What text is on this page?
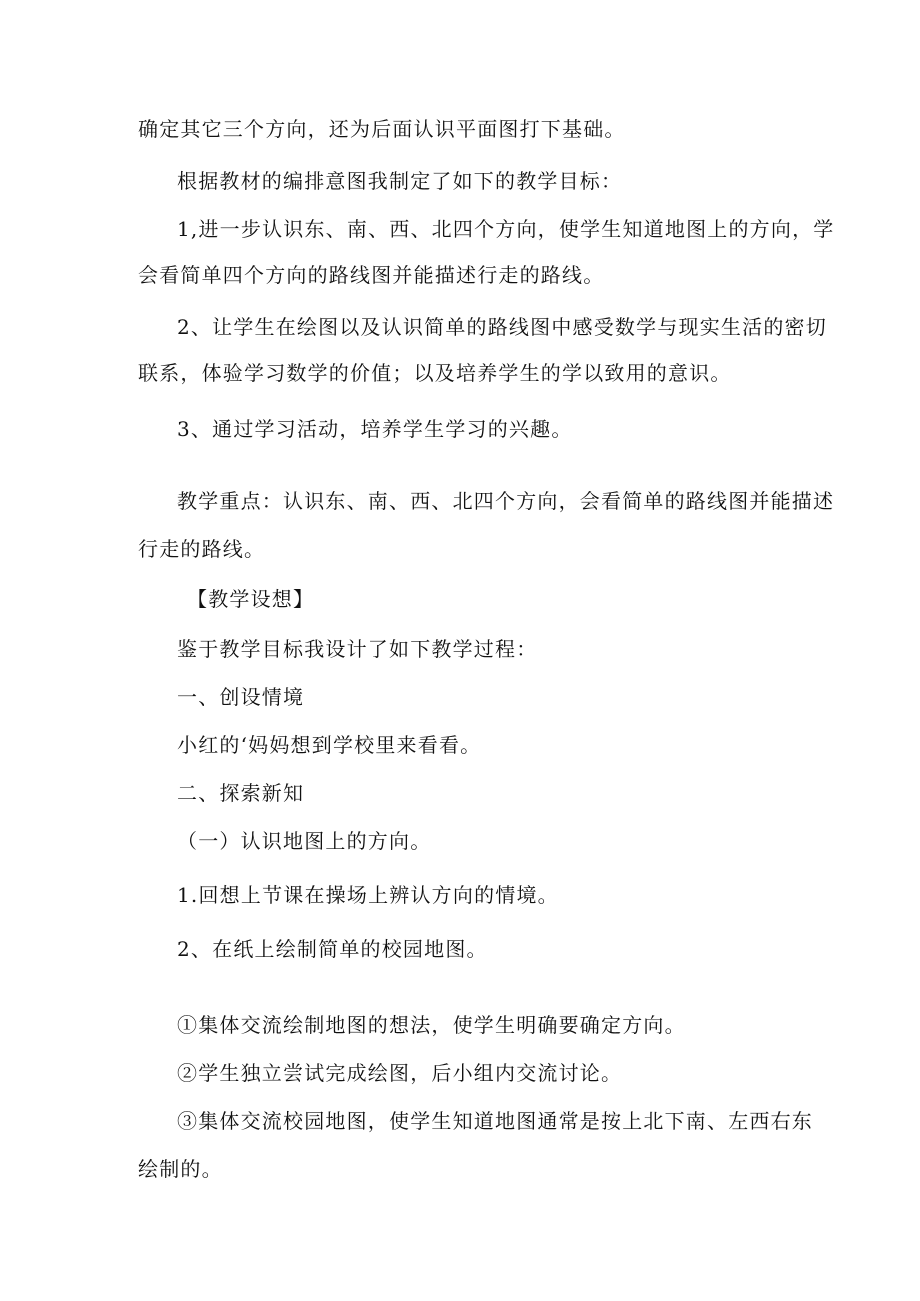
确定其它三个方向，还为后面认识平面图打下基础。
根据教材的编排意图我制定了如下的教学目标：
1,进一步认识东、南、西、北四个方向，使学生知道地图上的方向，学
会看简单四个方向的路线图并能描述行走的路线。
2、让学生在绘图以及认识简单的路线图中感受数学与现实生活的密切
联系，体验学习数学的价值；以及培养学生的学以致用的意识。
3、通过学习活动，培养学生学习的兴趣。
教学重点：认识东、南、西、北四个方向，会看简单的路线图并能描述
行走的路线。
【教学设想】
鉴于教学目标我设计了如下教学过程：
一、创设情境
小红的‘妈妈想到学校里来看看。
二、探索新知
（一）认识地图上的方向。
1.回想上节课在操场上辨认方向的情境。
2、在纸上绘制简单的校园地图。
①集体交流绘制地图的想法，使学生明确要确定方向。
②学生独立尝试完成绘图，后小组内交流讨论。
③集体交流校园地图，使学生知道地图通常是按上北下南、左西右东
绘制的。
